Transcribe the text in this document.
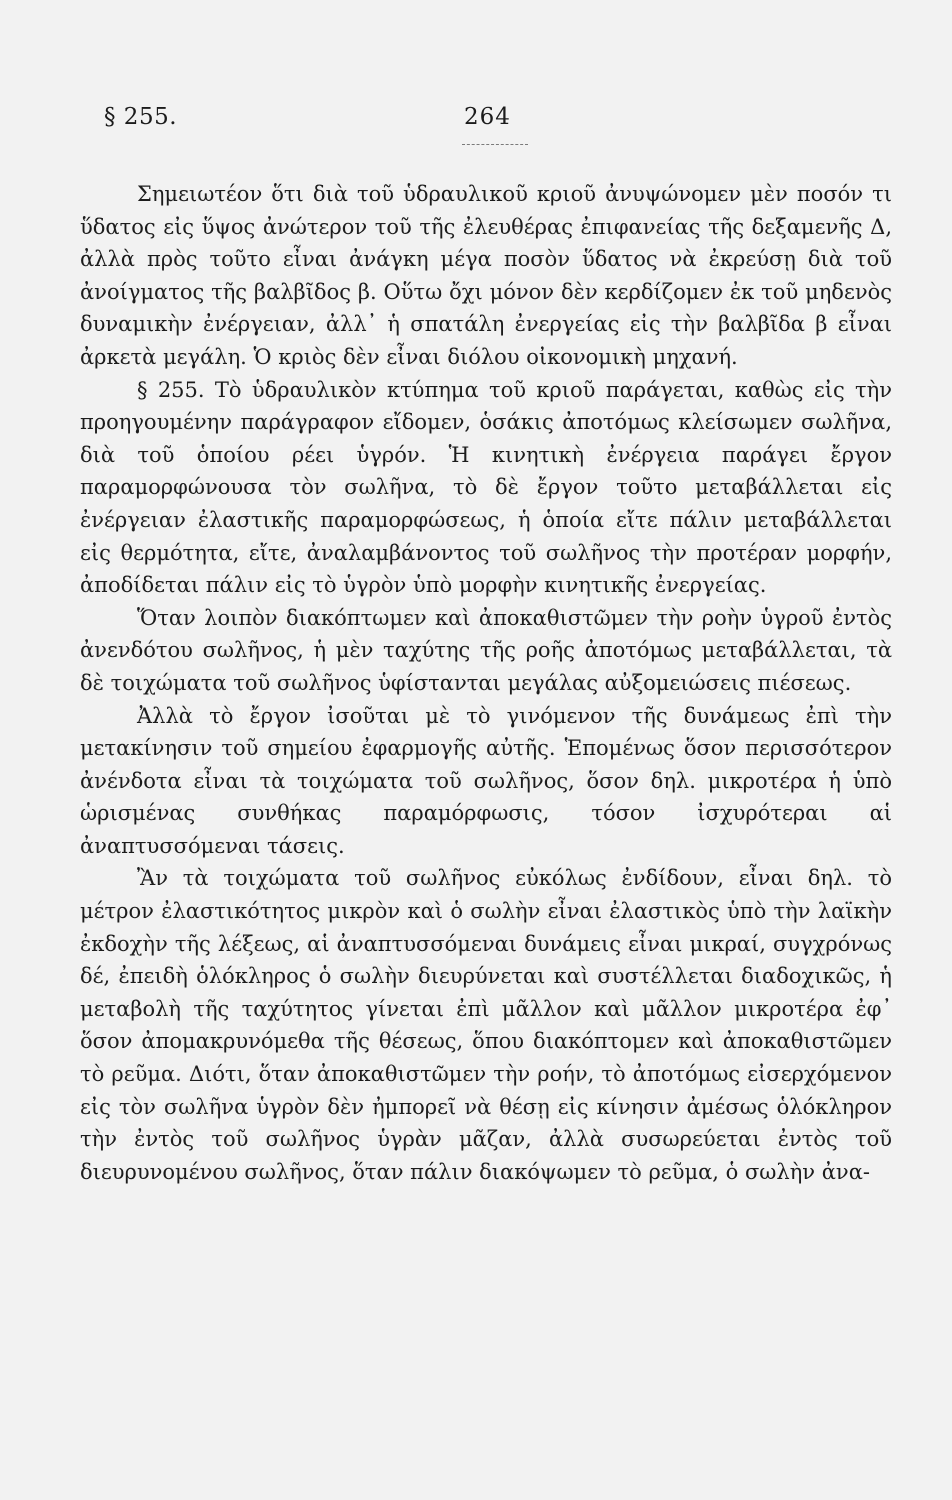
§ 255.	264

Σημειωτέον ὅτι διὰ τοῦ ὑδραυλικοῦ κριοῦ ἀνυψώνομεν μὲν ποσόν τι ὕδατος εἰς ὕψος ἀνώτερον τοῦ τῆς ἐλευθέρας ἐπιφανείας τῆς δεξαμενῆς Δ, ἀλλὰ πρὸς τοῦτο εἶναι ἀνάγκη μέγα ποσὸν ὕδατος νὰ ἐκρεύσῃ διὰ τοῦ ἀνοίγματος τῆς βαλβῖδος β. Οὕτω ὄχι μόνον δὲν κερδίζομεν ἐκ τοῦ μηδενὸς δυναμικὴν ἐνέργειαν, ἀλλ᾽ ἡ σπατάλη ἐνεργείας εἰς τὴν βαλβῖδα β εἶναι ἀρκετὰ μεγάλη. Ὁ κριὸς δὲν εἶναι διόλου οἰκονομικὴ μηχανή.

§ 255. Τὸ ὑδραυλικὸν κτύπημα τοῦ κριοῦ παράγεται, καθὼς εἰς τὴν προηγουμένην παράγραφον εἴδομεν, ὁσάκις ἀποτόμως κλείσωμεν σωλῆνα, διὰ τοῦ ὁποίου ρέει ὑγρόν. Ἡ κινητικὴ ἐνέργεια παράγει ἔργον παραμορφώνουσα τὸν σωλῆνα, τὸ δὲ ἔργον τοῦτο μεταβάλλεται εἰς ἐνέργειαν ἐλαστικῆς παραμορφώσεως, ἡ ὁποία εἴτε πάλιν μεταβάλλεται εἰς θερμότητα, εἴτε, ἀναλαμβάνοντος τοῦ σωλῆνος τὴν προτέραν μορφήν, ἀποδίδεται πάλιν εἰς τὸ ὑγρὸν ὑπὸ μορφὴν κινητικῆς ἐνεργείας.

Ὅταν λοιπὸν διακόπτωμεν καὶ ἀποκαθιστῶμεν τὴν ροὴν ὑγροῦ ἐντὸς ἀνενδότου σωλῆνος, ἡ μὲν ταχύτης τῆς ροῆς ἀποτόμως μεταβάλλεται, τὰ δὲ τοιχώματα τοῦ σωλῆνος ὑφίστανται μεγάλας αὐξομειώσεις πιέσεως.

Ἀλλὰ τὸ ἔργον ἰσοῦται μὲ τὸ γινόμενον τῆς δυνάμεως ἐπὶ τὴν μετακίνησιν τοῦ σημείου ἐφαρμογῆς αὐτῆς. Ἑπομένως ὅσον περισσότερον ἀνένδοτα εἶναι τὰ τοιχώματα τοῦ σωλῆνος, ὅσον δηλ. μικροτέρα ἡ ὑπὸ ὡρισμένας συνθήκας παραμόρφωσις, τόσον ἰσχυρότεραι αἱ ἀναπτυσσόμεναι τάσεις.

Ἂν τὰ τοιχώματα τοῦ σωλῆνος εὐκόλως ἐνδίδουν, εἶναι δηλ. τὸ μέτρον ἐλαστικότητος μικρὸν καὶ ὁ σωλὴν εἶναι ἐλαστικὸς ὑπὸ τὴν λαϊκὴν ἐκδοχὴν τῆς λέξεως, αἱ ἀναπτυσσόμεναι δυνάμεις εἶναι μικραί, συγχρόνως δέ, ἐπειδὴ ὁλόκληρος ὁ σωλὴν διευρύνεται καὶ συστέλλεται διαδοχικῶς, ἡ μεταβολὴ τῆς ταχύτητος γίνεται ἐπὶ μᾶλλον καὶ μᾶλλον μικροτέρα ἐφ᾽ ὅσον ἀπομακρυνόμεθα τῆς θέσεως, ὅπου διακόπτομεν καὶ ἀποκαθιστῶμεν τὸ ρεῦμα. Διότι, ὅταν ἀποκαθιστῶμεν τὴν ροήν, τὸ ἀποτόμως εἰσερχόμενον εἰς τὸν σωλῆνα ὑγρὸν δὲν ἠμπορεῖ νὰ θέσῃ εἰς κίνησιν ἀμέσως ὁλόκληρον τὴν ἐντὸς τοῦ σωλῆνος ὑγρὰν μᾶζαν, ἀλλὰ συσωρεύεται ἐντὸς τοῦ διευρυνομένου σωλῆνος, ὅταν πάλιν διακόψωμεν τὸ ρεῦμα, ὁ σωλὴν ἀνα-
